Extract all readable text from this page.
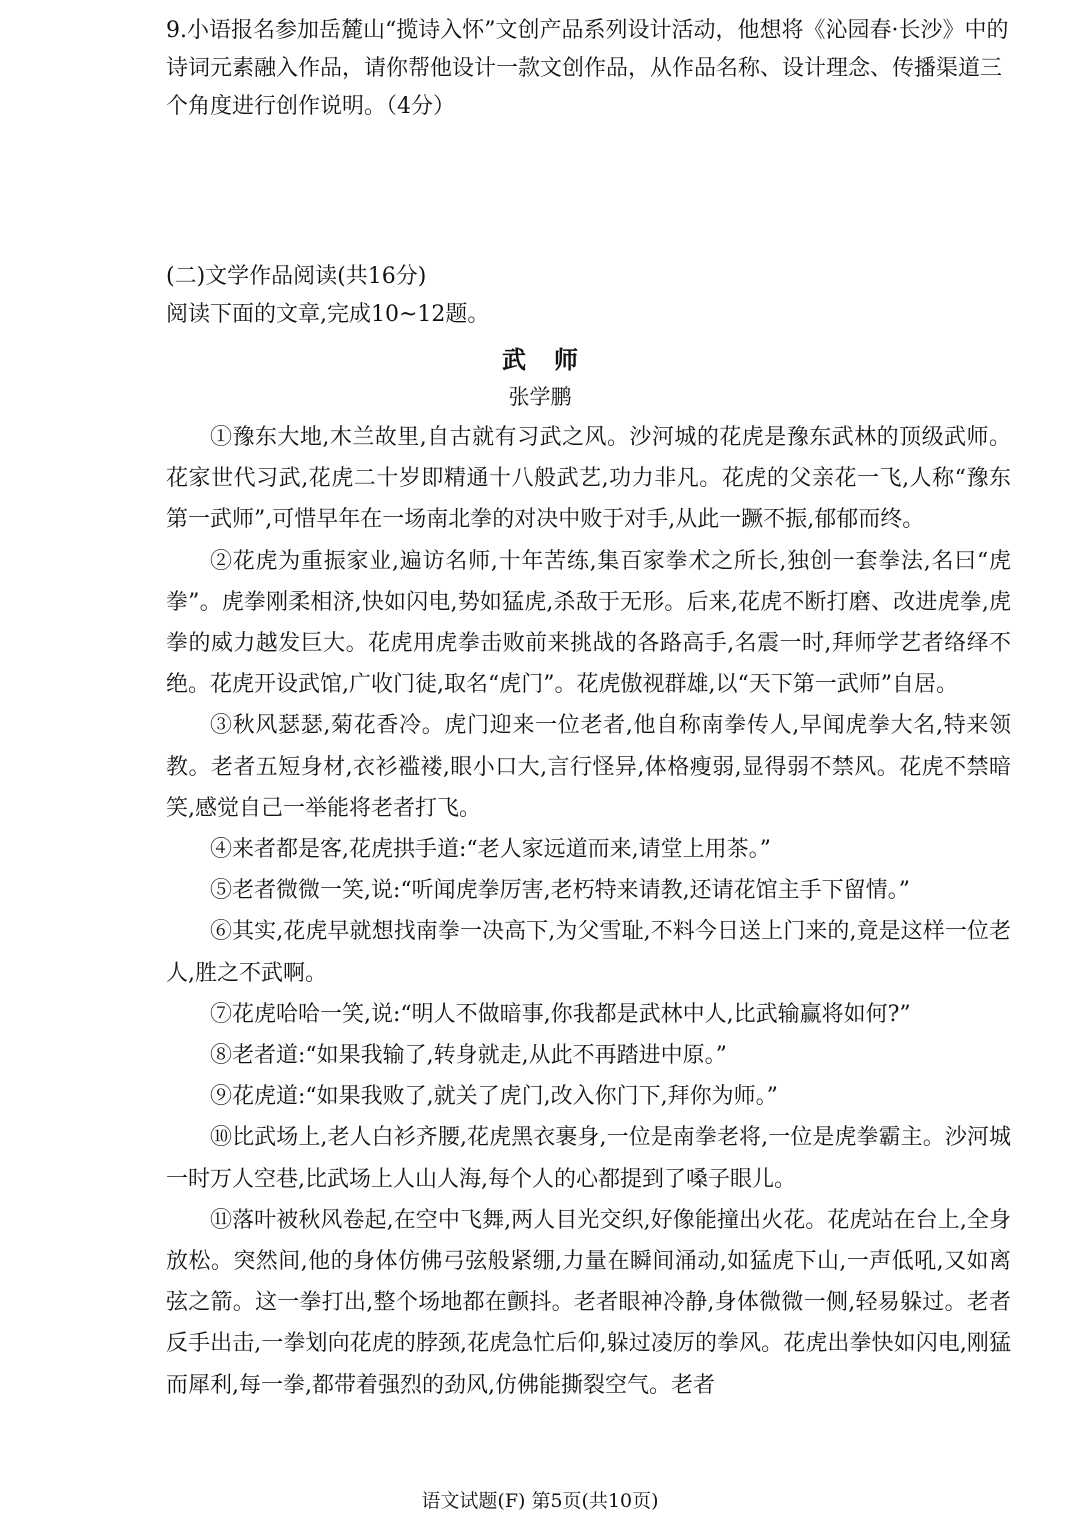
9.小语报名参加岳麓山“揽诗入怀”文创产品系列设计活动，他想将《沁园春·长沙》中的诗词元素融入作品，请你帮他设计一款文创作品，从作品名称、设计理念、传播渠道三个角度进行创作说明。（4分）

(二)文学作品阅读(共16分)

阅读下面的文章,完成10~12题。

武师
张学鹏

①豫东大地,木兰故里,自古就有习武之风。沙河城的花虎是豫东武林的顶级武师。花家世代习武,花虎二十岁即精通十八般武艺,功力非凡。花虎的父亲花一飞,人称“豫东第一武师”,可惜早年在一场南北拳的对决中败于对手,从此一蹶不振,郁郁而终。

②花虎为重振家业,遍访名师,十年苦练,集百家拳术之所长,独创一套拳法,名曰“虎拳”。虎拳刚柔相济,快如闪电,势如猛虎,杀敌于无形。后来,花虎不断打磨、改进虎拳,虎拳的威力越发巨大。花虎用虎拳击败前来挑战的各路高手,名震一时,拜师学艺者络绎不绝。花虎开设武馆,广收门徒,取名“虎门”。花虎傲视群雄,以“天下第一武师”自居。

③秋风瑟瑟,菊花香冷。虎门迎来一位老者,他自称南拳传人,早闻虎拳大名,特来领教。老者五短身材,衣衫褴褛,眼小口大,言行怪异,体格瘦弱,显得弱不禁风。花虎不禁暗笑,感觉自己一举能将老者打飞。

④来者都是客,花虎拱手道:“老人家远道而来,请堂上用茶。”

⑤老者微微一笑,说:“听闻虎拳厉害,老朽特来请教,还请花馆主手下留情。”

⑥其实,花虎早就想找南拳一决高下,为父雪耻,不料今日送上门来的,竟是这样一位老人,胜之不武啊。

⑦花虎哈哈一笑,说:“明人不做暗事,你我都是武林中人,比武输赢将如何?”

⑧老者道:“如果我输了,转身就走,从此不再踏进中原。”

⑨花虎道:“如果我败了,就关了虎门,改入你门下,拜你为师。”

⑩比武场上,老人白衫齐腰,花虎黑衣裹身,一位是南拳老将,一位是虎拳霸主。沙河城一时万人空巷,比武场上人山人海,每个人的心都提到了嗓子眼儿。

⑪落叶被秋风卷起,在空中飞舞,两人目光交织,好像能撞出火花。花虎站在台上,全身放松。突然间,他的身体仿佛弓弦般紧绷,力量在瞬间涌动,如猛虎下山,一声低吼,又如离弦之箭。这一拳打出,整个场地都在颤抖。老者眼神冷静,身体微微一侧,轻易躲过。老者反手出击,一拳划向花虎的脖颈,花虎急忙后仰,躲过凌厉的拳风。花虎出拳快如闪电,刚猛而犀利,每一拳,都带着强烈的劲风,仿佛能撕裂空气。老者

语文试题(F) 第5页(共10页)
